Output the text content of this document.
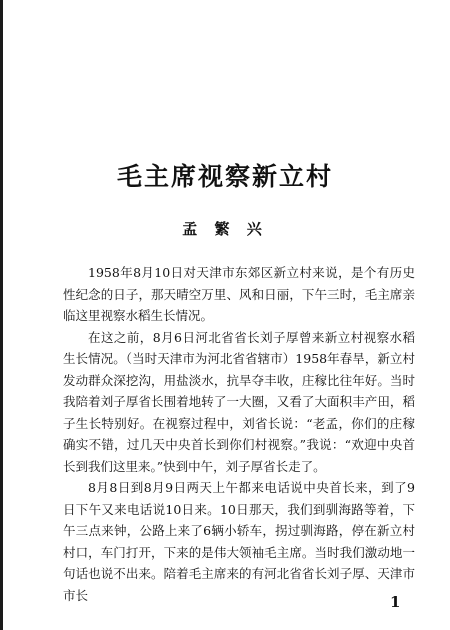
毛主席视察新立村
孟 繁 兴

1958年8月10日对天津市东郊区新立村来说，是个有历史性纪念的日子，那天晴空万里、风和日丽，下午三时，毛主席亲临这里视察水稻生长情况。

在这之前，8月6日河北省省长刘子厚曾来新立村视察水稻生长情况。（当时天津市为河北省省辖市）1958年春旱，新立村发动群众深挖沟，用盐淡水，抗旱夺丰收，庄稼比往年好。当时我陪着刘子厚省长围着地转了一大圈，又看了大面积丰产田，稻子生长特别好。在视察过程中，刘省长说：“老孟，你们的庄稼确实不错，过几天中央首长到你们村视察。”我说：“欢迎中央首长到我们这里来。”快到中午，刘子厚省长走了。

8月8日到8月9日两天上午都来电话说中央首长来，到了9日下午又来电话说10日来。10日那天，我们到驯海路等着，下午三点来钟，公路上来了6辆小轿车，拐过驯海路，停在新立村村口，车门打开，下来的是伟大领袖毛主席。当时我们激动地一句话也说不出来。陪着毛主席来的有河北省省长刘子厚、天津市市长	1
